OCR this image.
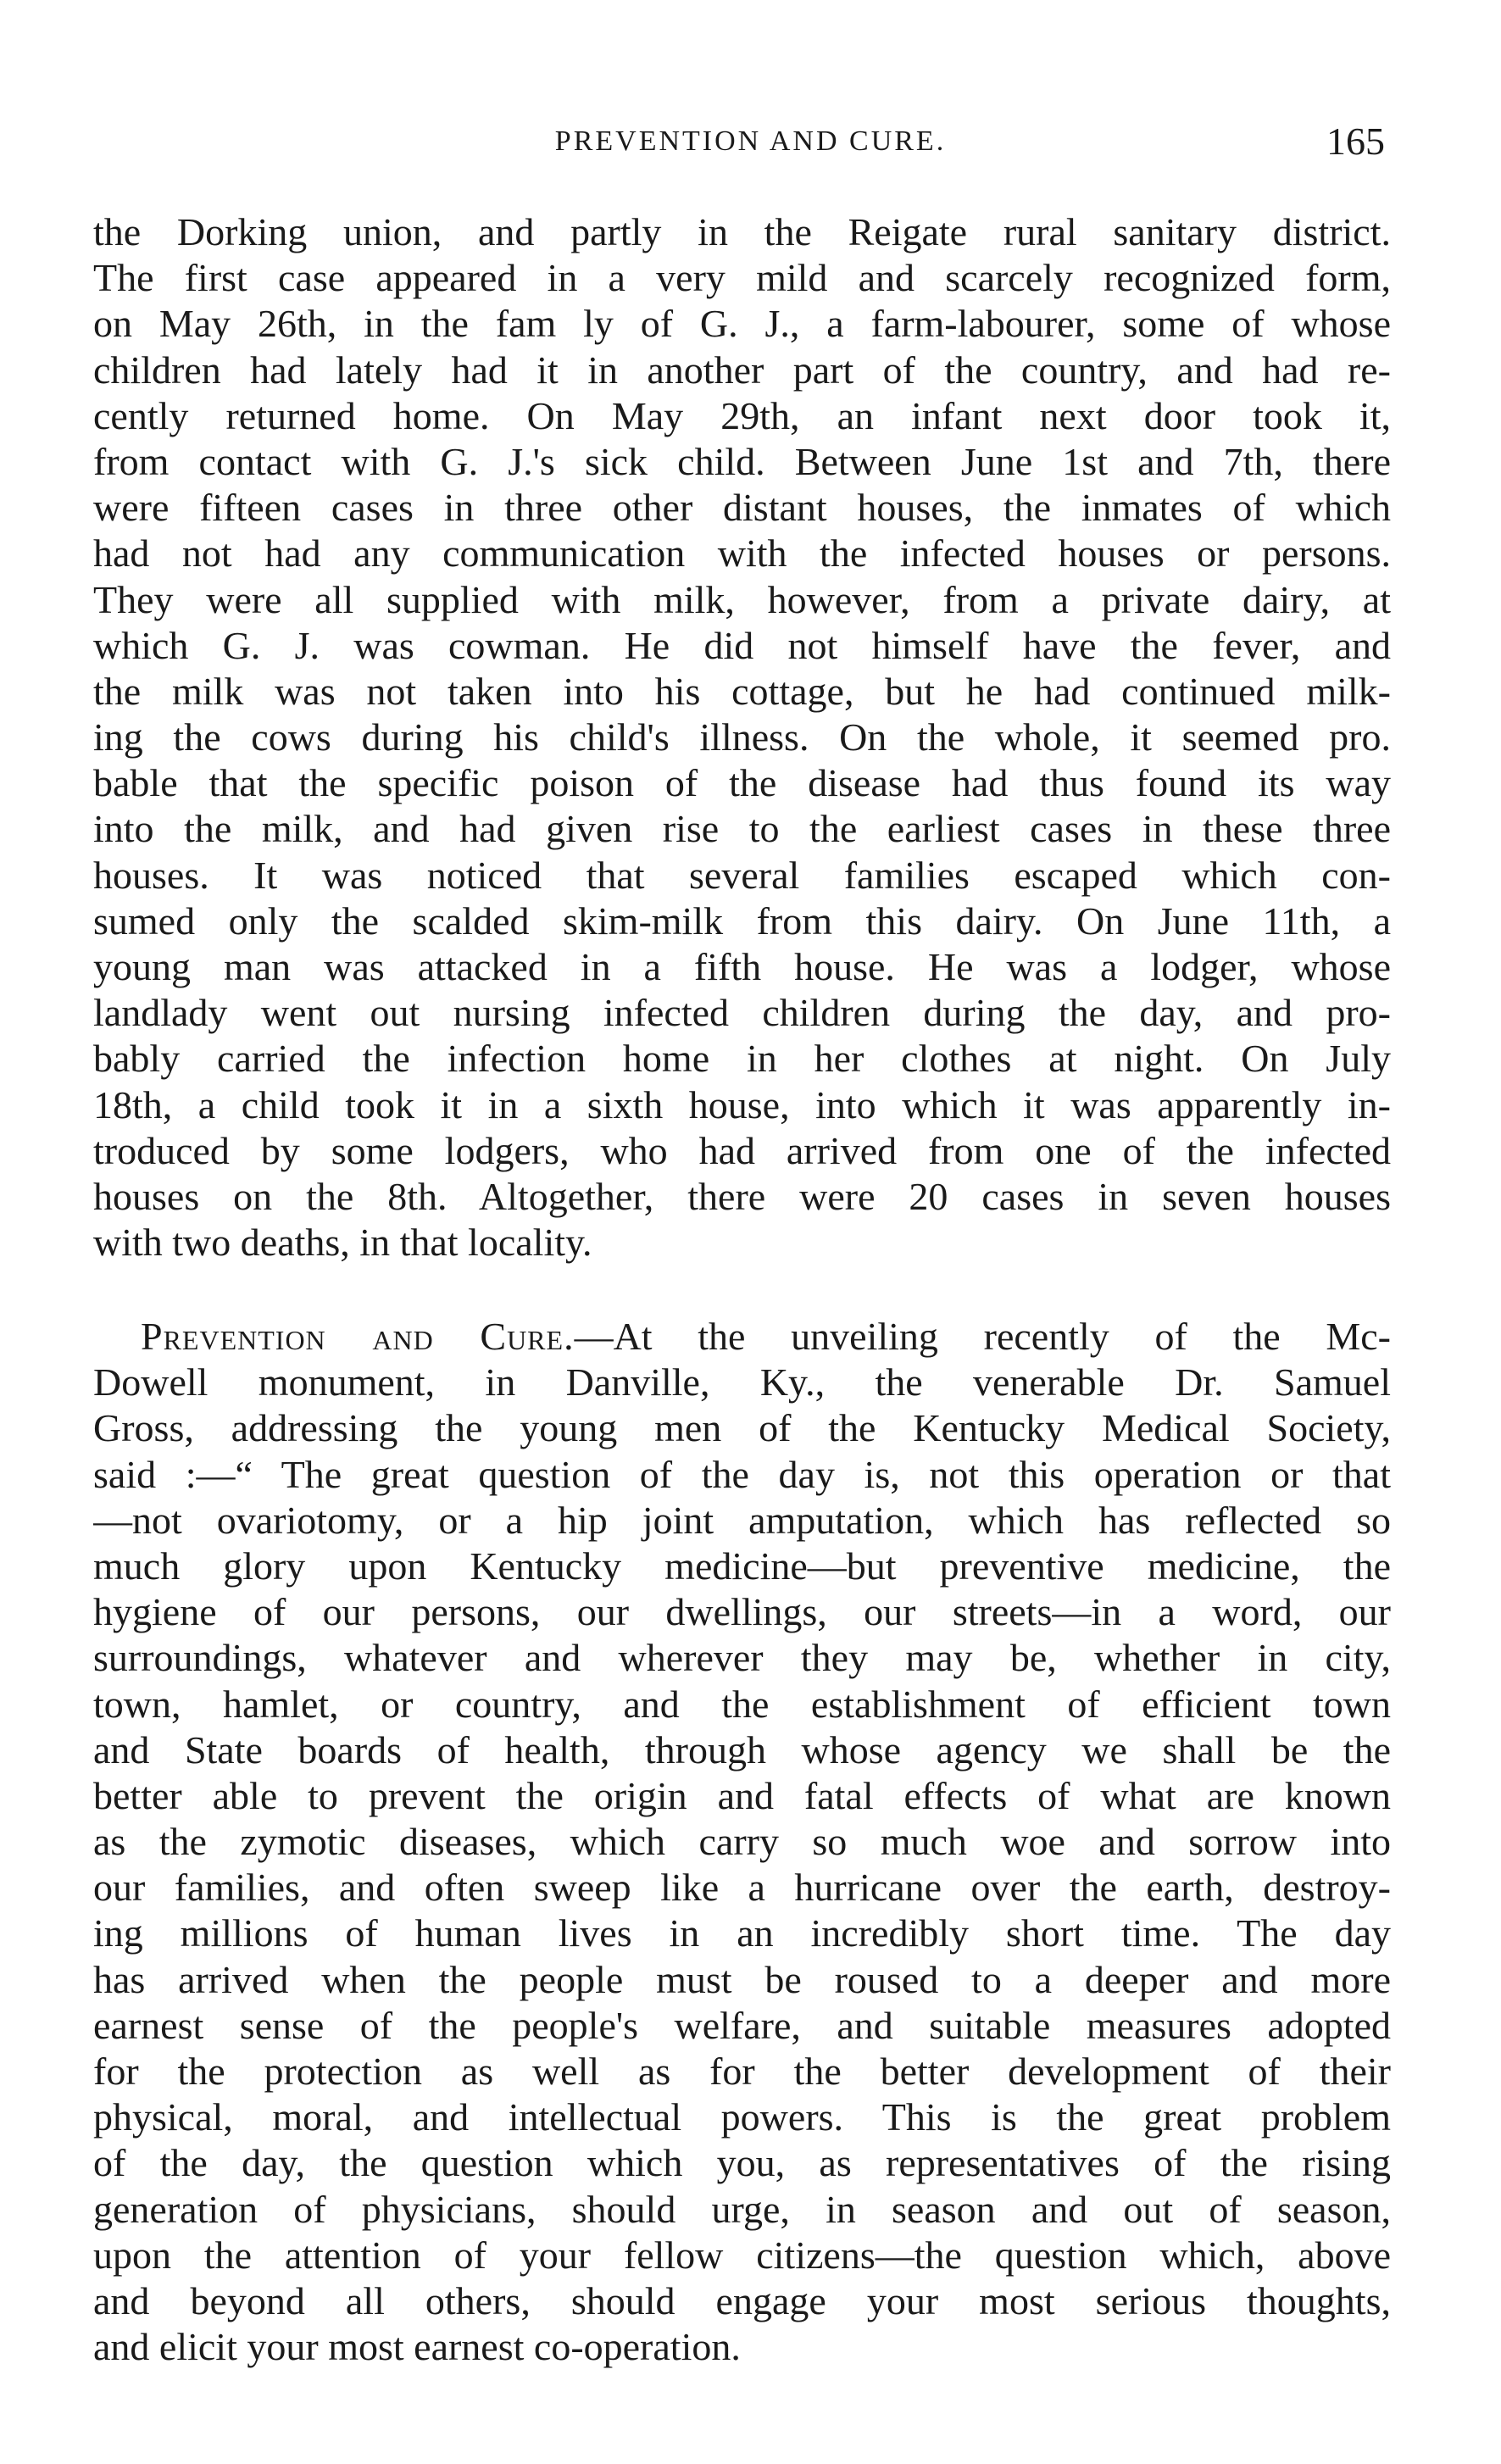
PREVENTION AND CURE.	165
the Dorking union, and partly in the Reigate rural sanitary district.
The first case appeared in a very mild and scarcely recognized form,
on May 26th, in the fam ly of G. J., a farm-labourer, some of whose
children had lately had it in another part of the country, and had re-
cently returned home. On May 29th, an infant next door took it,
from contact with G. J.'s sick child. Between June 1st and 7th, there
were fifteen cases in three other distant houses, the inmates of which
had not had any communication with the infected houses or persons.
They were all supplied with milk, however, from a private dairy, at
which G. J. was cowman. He did not himself have the fever, and
the milk was not taken into his cottage, but he had continued milk-
ing the cows during his child's illness. On the whole, it seemed pro.
bable that the specific poison of the disease had thus found its way
into the milk, and had given rise to the earliest cases in these three
houses. It was noticed that several families escaped which con-
sumed only the scalded skim-milk from this dairy. On June 11th, a
young man was attacked in a fifth house. He was a lodger, whose
landlady went out nursing infected children during the day, and pro-
bably carried the infection home in her clothes at night. On July
18th, a child took it in a sixth house, into which it was apparently in-
troduced by some lodgers, who had arrived from one of the infected
houses on the 8th. Altogether, there were 20 cases in seven houses
with two deaths, in that locality.
Prevention and Cure.—At the unveiling recently of the Mc-
Dowell monument, in Danville, Ky., the venerable Dr. Samuel
Gross, addressing the young men of the Kentucky Medical Society,
said :—“ The great question of the day is, not this operation or that
—not ovariotomy, or a hip joint amputation, which has reflected so
much glory upon Kentucky medicine—but preventive medicine, the
hygiene of our persons, our dwellings, our streets—in a word, our
surroundings, whatever and wherever they may be, whether in city,
town, hamlet, or country, and the establishment of efficient town
and State boards of health, through whose agency we shall be the
better able to prevent the origin and fatal effects of what are known
as the zymotic diseases, which carry so much woe and sorrow into
our families, and often sweep like a hurricane over the earth, destroy-
ing millions of human lives in an incredibly short time. The day
has arrived when the people must be roused to a deeper and more
earnest sense of the people's welfare, and suitable measures adopted
for the protection as well as for the better development of their
physical, moral, and intellectual powers. This is the great problem
of the day, the question which you, as representatives of the rising
generation of physicians, should urge, in season and out of season,
upon the attention of your fellow citizens—the question which, above
and beyond all others, should engage your most serious thoughts,
and elicit your most earnest co-operation.
